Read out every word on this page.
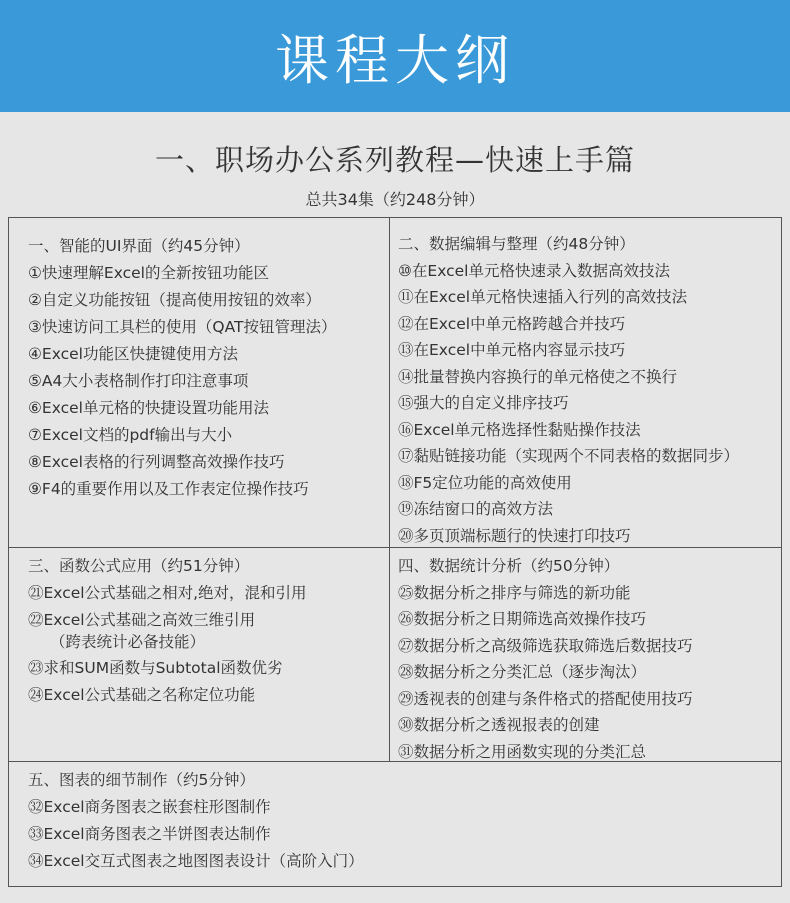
课程大纲
一、职场办公系列教程—快速上手篇
总共34集（约248分钟）
一、智能的UI界面（约45分钟）
①快速理解Excel的全新按钮功能区
②自定义功能按钮（提高使用按钮的效率）
③快速访问工具栏的使用（QAT按钮管理法）
④Excel功能区快捷键使用方法
⑤A4大小表格制作打印注意事项
⑥Excel单元格的快捷设置功能用法
⑦Excel文档的pdf输出与大小
⑧Excel表格的行列调整高效操作技巧
⑨F4的重要作用以及工作表定位操作技巧
二、数据编辑与整理（约48分钟）
⑩在Excel单元格快速录入数据高效技法
⑪在Excel单元格快速插入行列的高效技法
⑫在Excel中单元格跨越合并技巧
⑬在Excel中单元格内容显示技巧
⑭批量替换内容换行的单元格使之不换行
⑮强大的自定义排序技巧
⑯Excel单元格选择性黏贴操作技法
⑰黏贴链接功能（实现两个不同表格的数据同步）
⑱F5定位功能的高效使用
⑲冻结窗口的高效方法
⑳多页顶端标题行的快速打印技巧
三、函数公式应用（约51分钟）
㉑Excel公式基础之相对,绝对，混和引用
㉒Excel公式基础之高效三维引用
（跨表统计必备技能）
㉓求和SUM函数与Subtotal函数优劣
㉔Excel公式基础之名称定位功能
四、数据统计分析（约50分钟）
㉕数据分析之排序与筛选的新功能
㉖数据分析之日期筛选高效操作技巧
㉗数据分析之高级筛选获取筛选后数据技巧
㉘数据分析之分类汇总（逐步淘汰）
㉙透视表的创建与条件格式的搭配使用技巧
㉚数据分析之透视报表的创建
㉛数据分析之用函数实现的分类汇总
五、图表的细节制作（约5分钟）
㉜Excel商务图表之嵌套柱形图制作
㉝Excel商务图表之半饼图表达制作
㉞Excel交互式图表之地图图表设计（高阶入门）
